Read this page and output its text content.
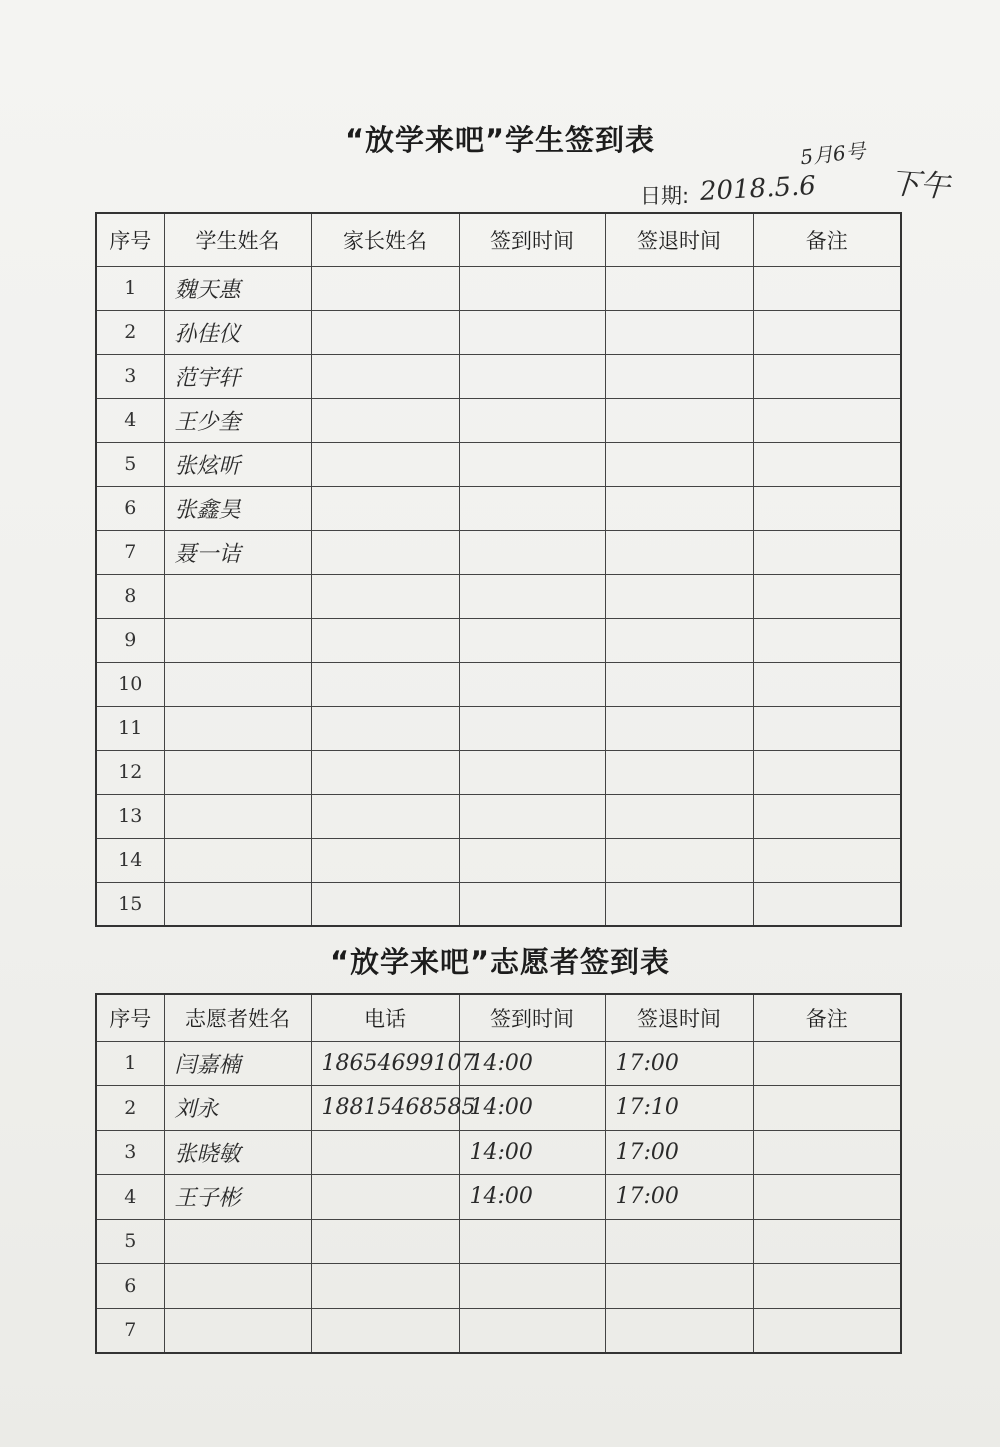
“放学来吧”学生签到表
日期: 2018.5.6
5月6号
下午
序号	学生姓名	家长姓名	签到时间	签退时间	备注
1	魏天惠				
2	孙佳仪				
3	范宇轩				
4	王少奎				
5	张炫昕				
6	张鑫昊				
7	聂一诘				
8					
9					
10					
11					
12					
13					
14					
15					
“放学来吧”志愿者签到表
序号	志愿者姓名	电话	签到时间	签退时间	备注
1	闫嘉楠	18654699107	14:00	17:00	
2	刘永	18815468585	14:00	17:10	
3	张晓敏		14:00	17:00	
4	王子彬		14:00	17:00	
5					
6					
7					
